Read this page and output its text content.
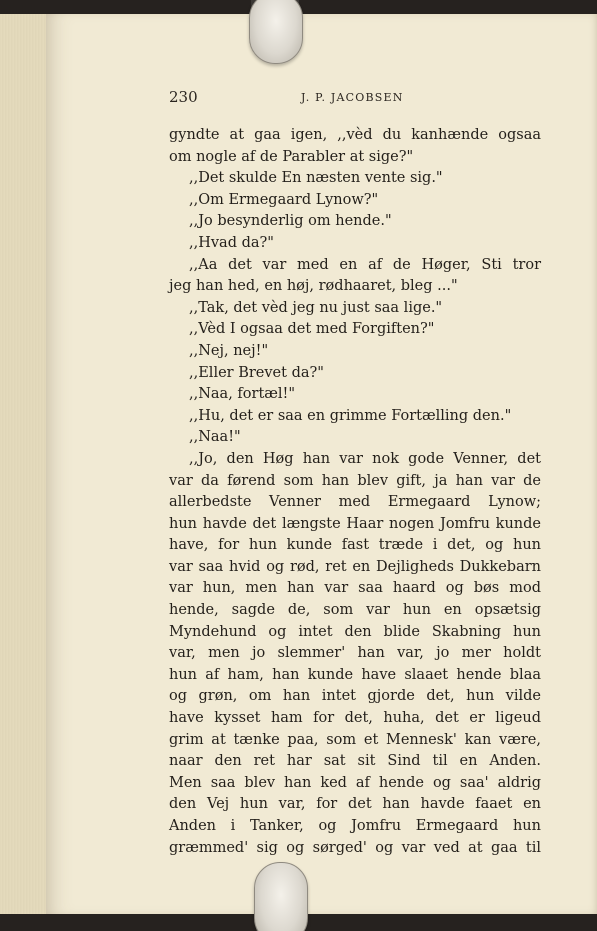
230	J. P. JACOBSEN
gyndte at gaa igen, ,,vèd du kanhænde ogsaa
om nogle af de Parabler at sige?"
,,Det skulde En næsten vente sig."
,,Om Ermegaard Lynow?"
,,Jo besynderlig om hende."
,,Hvad da?"
,,Aa det var med en af de Høger, Sti tror
jeg han hed, en høj, rødhaaret, bleg ..."
,,Tak, det vèd jeg nu just saa lige."
,,Vèd I ogsaa det med Forgiften?"
,,Nej, nej!"
,,Eller Brevet da?"
,,Naa, fortæl!"
,,Hu, det er saa en grimme Fortælling den."
,,Naa!"
,,Jo, den Høg han var nok gode Venner, det
var da førend som han blev gift, ja han var de
allerbedste Venner med Ermegaard Lynow;
hun havde det længste Haar nogen Jomfru kunde
have, for hun kunde fast træde i det, og hun
var saa hvid og rød, ret en Dejligheds Dukkebarn
var hun, men han var saa haard og bøs mod
hende, sagde de, som var hun en opsætsig
Myndehund og intet den blide Skabning hun
var, men jo slemmer' han var, jo mer holdt
hun af ham, han kunde have slaaet hende blaa
og grøn, om han intet gjorde det, hun vilde
have kysset ham for det, huha, det er ligeud
grim at tænke paa, som et Mennesk' kan være,
naar den ret har sat sit Sind til en Anden.
Men saa blev han ked af hende og saa' aldrig
den Vej hun var, for det han havde faaet en
Anden i Tanker, og Jomfru Ermegaard hun
græmmed' sig og sørged' og var ved at gaa til
